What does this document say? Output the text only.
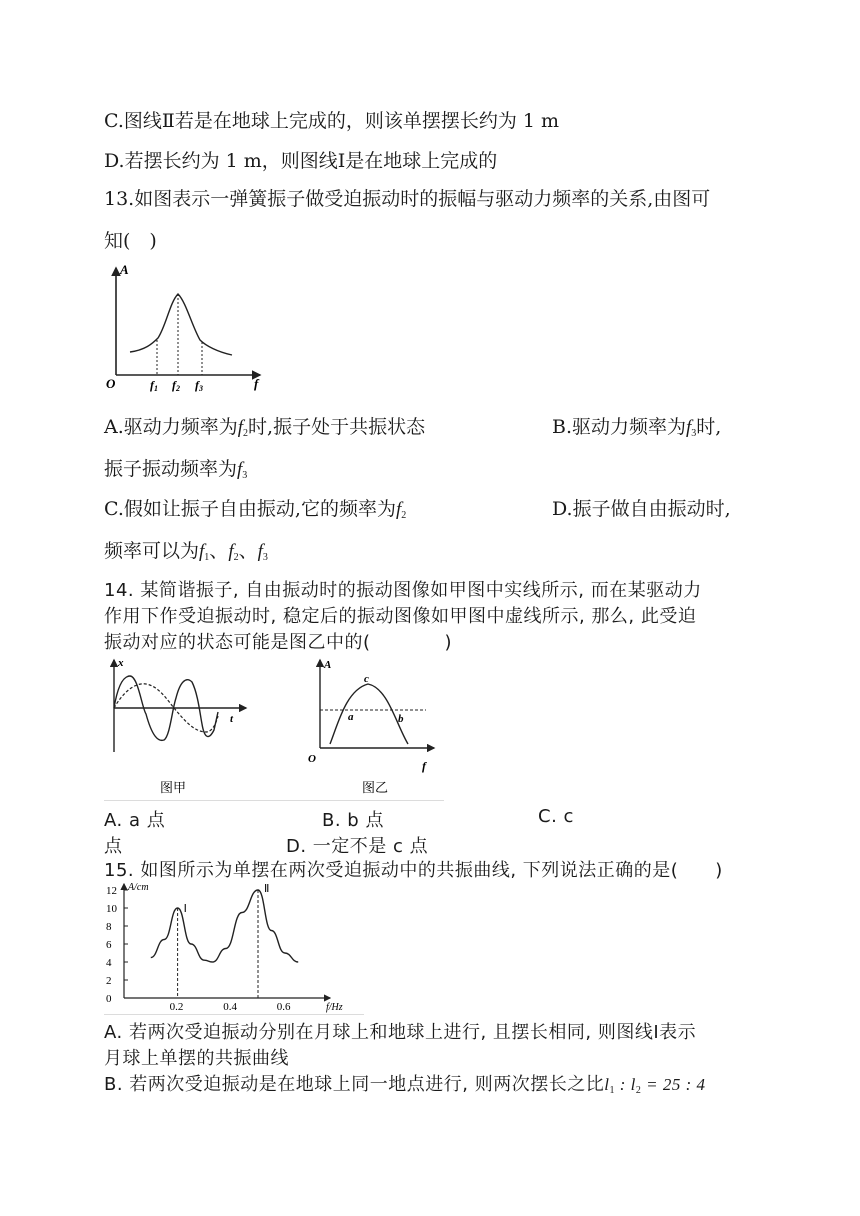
C.图线Ⅱ若是在地球上完成的，则该单摆摆长约为 1 m
D.若摆长约为 1 m，则图线Ⅰ是在地球上完成的
13.如图表示一弹簧振子做受迫振动时的振幅与驱动力频率的关系,由图可
知(　)
A
O	f
f1 f2 f3
A.驱动力频率为$f_2$时,振子处于共振状态	B.驱动力频率为$f_3$时,
振子振动频率为$f_3$
C.假如让振子自由振动,它的频率为$f_2$	D.振子做自由振动时,
频率可以为$f_1$、$f_2$、$f_3$
14. 某简谐振子, 自由振动时的振动图像如甲图中实线所示, 而在某驱动力
作用下作受迫振动时, 稳定后的振动图像如甲图中虚线所示, 那么, 此受迫
振动对应的状态可能是图乙中的(　　　　)
x
t
图甲
A
O	f
a	b
c
图乙
A. a 点	B. b 点	C. c
点	D. 一定不是 c 点
15. 如图所示为单摆在两次受迫振动中的共振曲线, 下列说法正确的是(　　)
0
2
4
6
8
10
12
0.2	0.4	0.6
A/cm
f/Hz
Ⅰ
Ⅱ
A. 若两次受迫振动分别在月球上和地球上进行, 且摆长相同, 则图线Ⅰ表示
月球上单摆的共振曲线
B. 若两次受迫振动是在地球上同一地点进行, 则两次摆长之比$l_1$ : $l_2 = 25$ : 4
